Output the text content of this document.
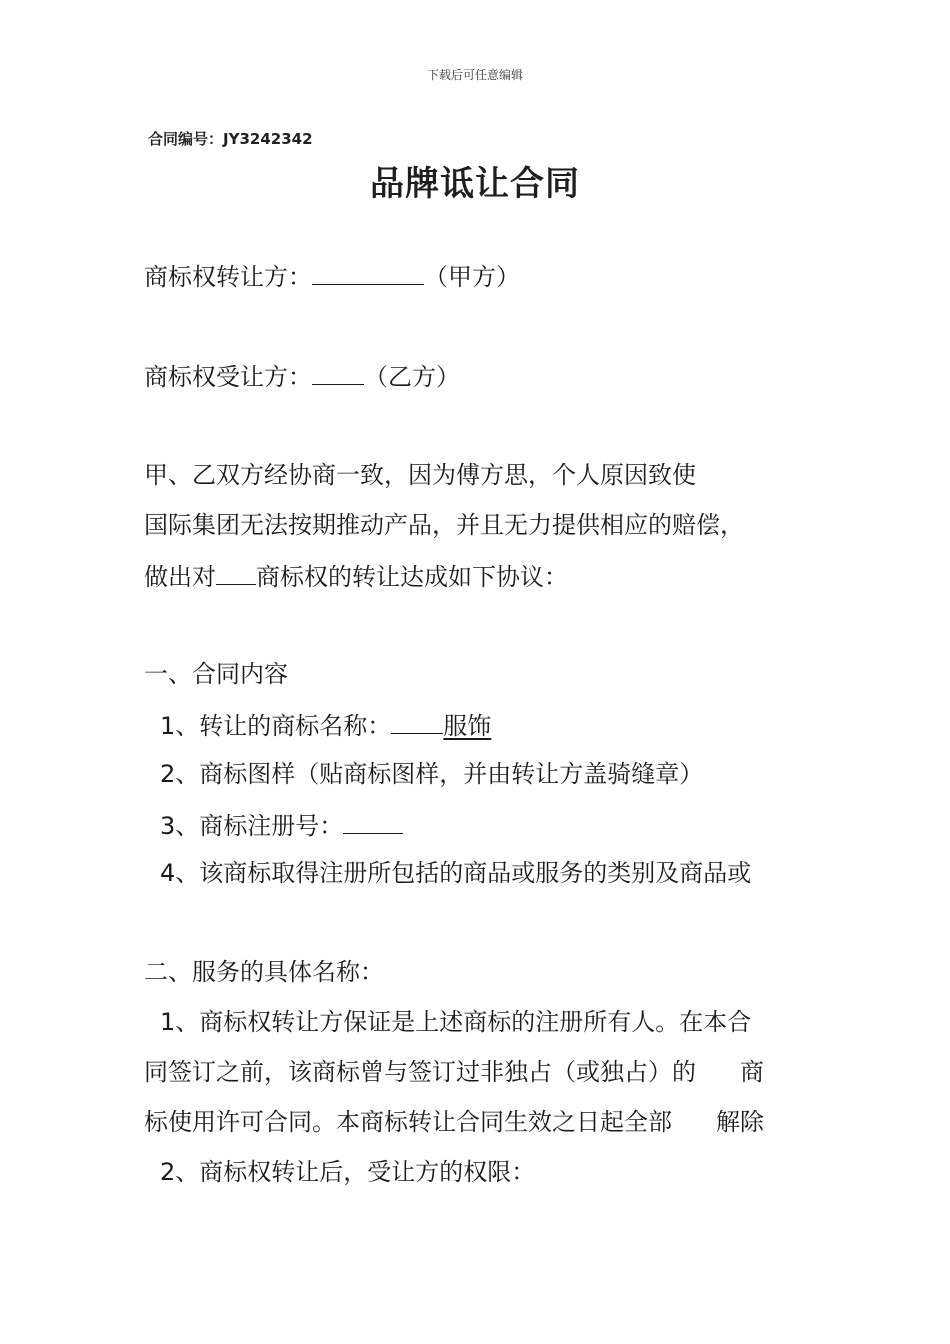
下载后可任意编辑
合同编号：JY3242342
品牌诋让合同
商标权转让方：	（甲方）
商标权受让方： （乙方）
甲、乙双方经协商一致，因为傅方思，个人原因致使
国际集团无法按期推动产品，并且无力提供相应的赔偿，
做出对 商标权的转让达成如下协议：
一、合同内容
1、转让的商标名称： 服饰
2、商标图样（贴商标图样，并由转让方盖骑缝章）
3、商标注册号：
4、该商标取得注册所包括的商品或服务的类别及商品或
二、服务的具体名称：
1、商标权转让方保证是上述商标的注册所有人。在本合
同签订之前，该商标曾与签订过非独占（或独占）的 商
标使用许可合同。本商标转让合同生效之日起全部 解除
2、商标权转让后，受让方的权限：
